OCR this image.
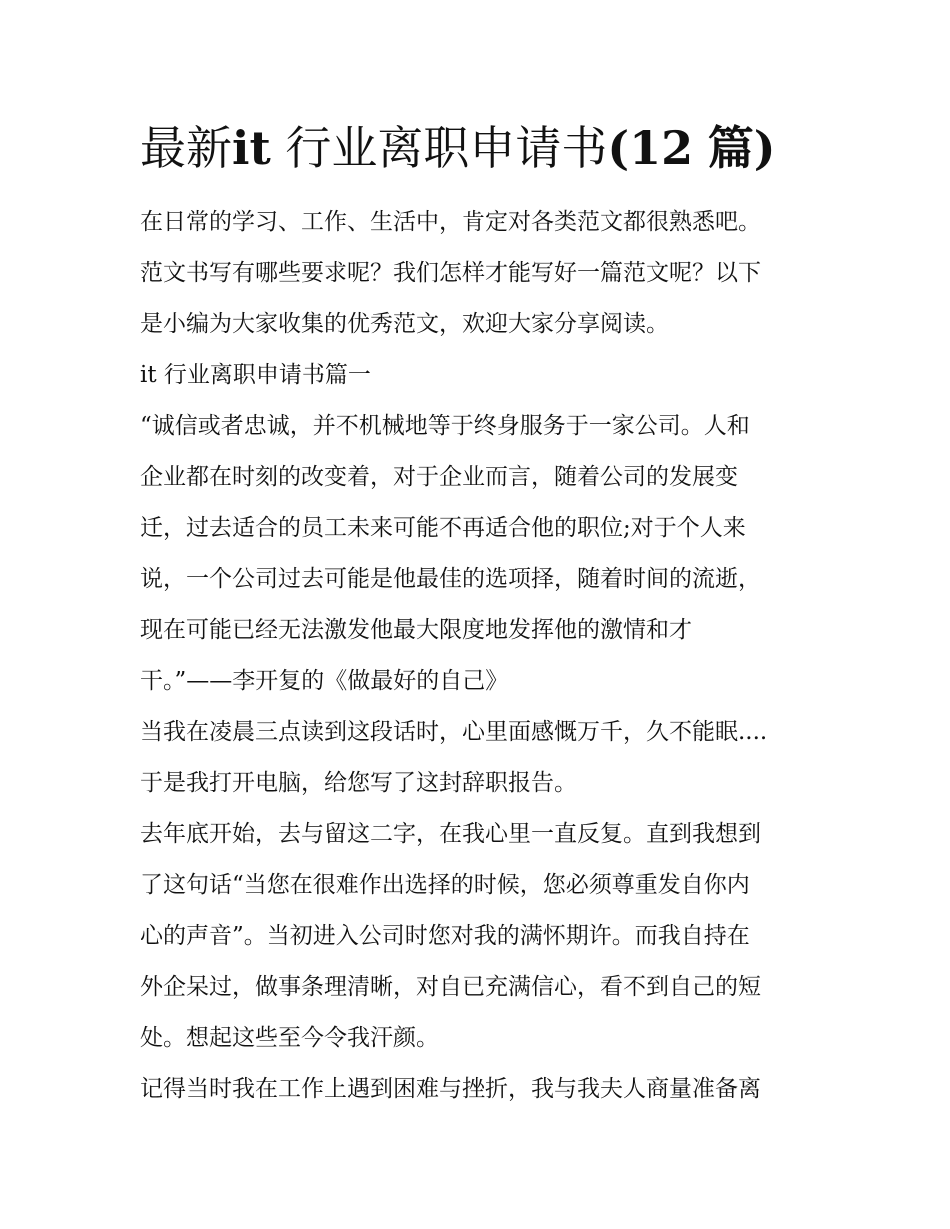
最新it 行业离职申请书(12 篇)
在日常的学习、工作、生活中，肯定对各类范文都很熟悉吧。
范文书写有哪些要求呢？我们怎样才能写好一篇范文呢？以下
是小编为大家收集的优秀范文，欢迎大家分享阅读。
it 行业离职申请书篇一
“诚信或者忠诚，并不机械地等于终身服务于一家公司。人和
企业都在时刻的改变着，对于企业而言，随着公司的发展变
迁，过去适合的员工未来可能不再适合他的职位;对于个人来
说，一个公司过去可能是他最佳的选项择，随着时间的流逝，
现在可能已经无法激发他最大限度地发挥他的激情和才
干。”——李开复的《做最好的自己》
当我在凌晨三点读到这段话时，心里面感慨万千，久不能眠....
于是我打开电脑，给您写了这封辞职报告。
去年底开始，去与留这二字，在我心里一直反复。直到我想到
了这句话“当您在很难作出选择的时候，您必须尊重发自你内
心的声音”。当初进入公司时您对我的满怀期许。而我自持在
外企呆过，做事条理清晰，对自已充满信心，看不到自己的短
处。想起这些至今令我汗颜。
记得当时我在工作上遇到困难与挫折，我与我夫人商量准备离
